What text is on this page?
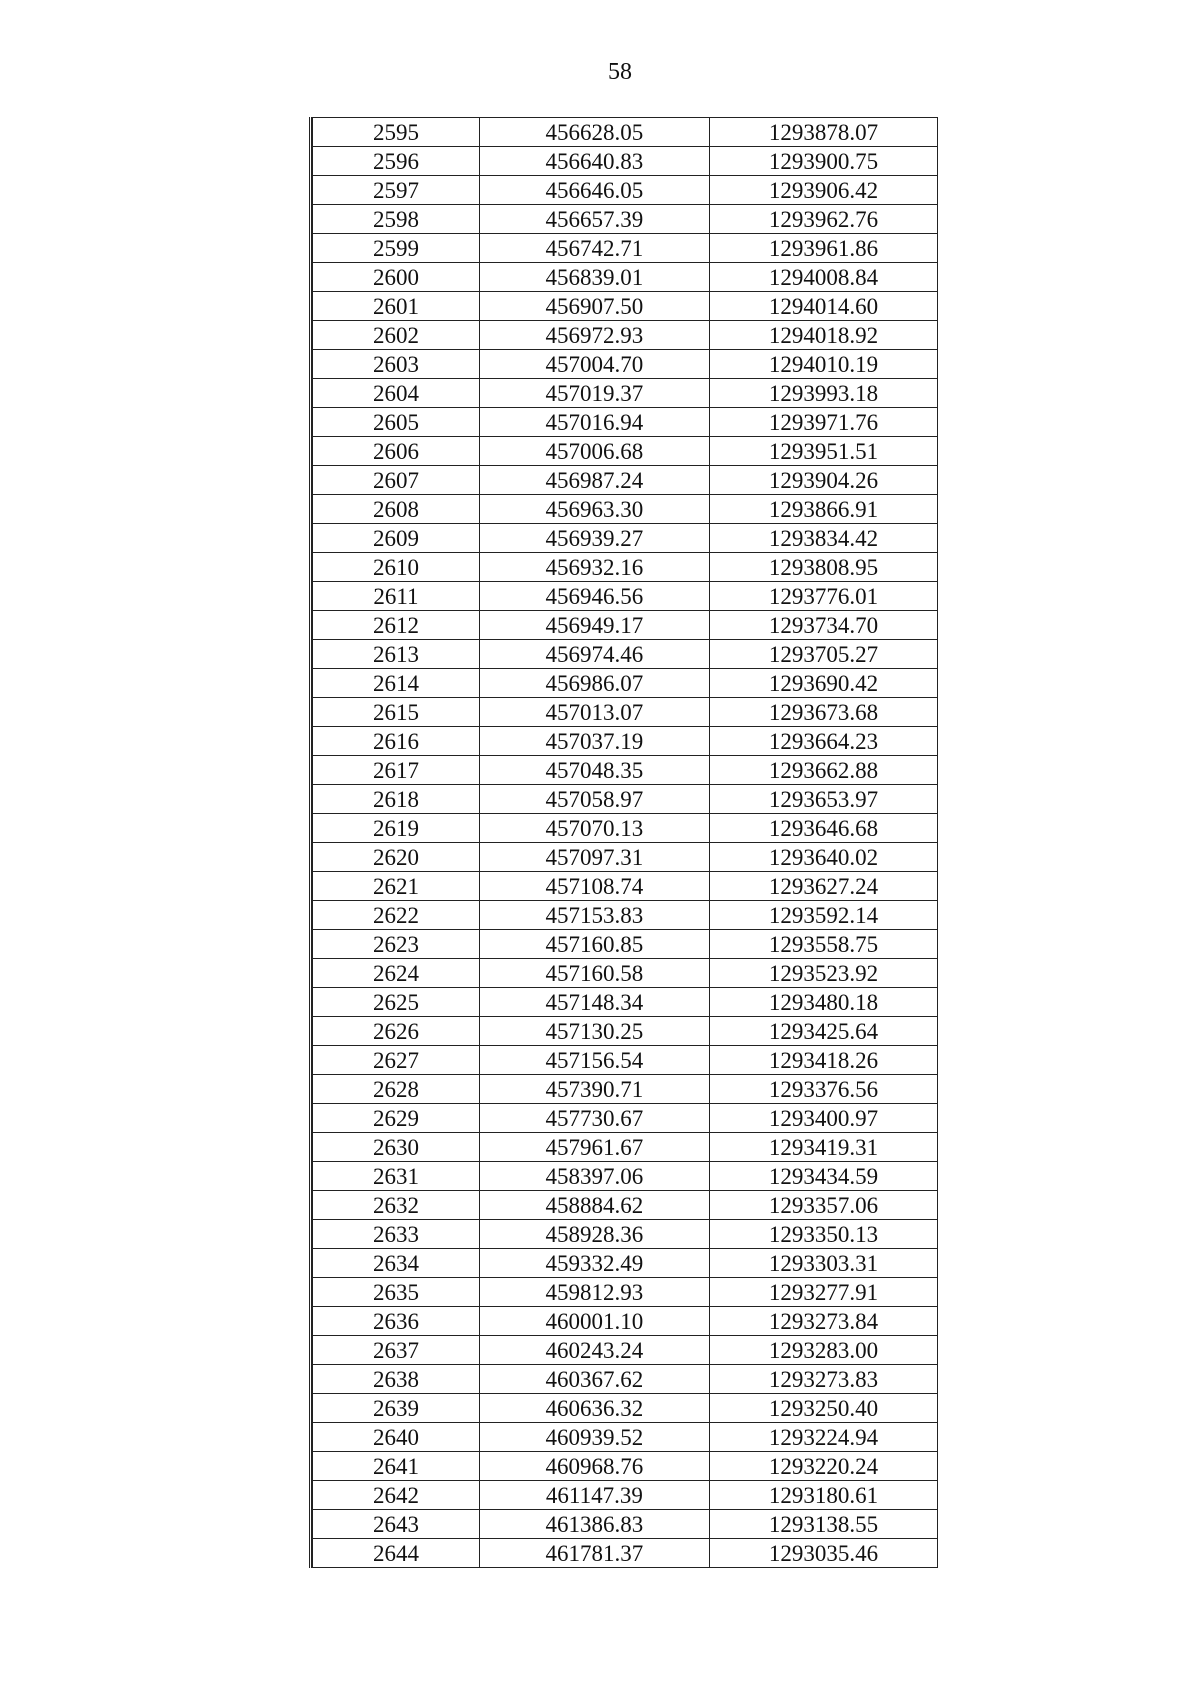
58
2595	456628.05	1293878.07
2596	456640.83	1293900.75
2597	456646.05	1293906.42
2598	456657.39	1293962.76
2599	456742.71	1293961.86
2600	456839.01	1294008.84
2601	456907.50	1294014.60
2602	456972.93	1294018.92
2603	457004.70	1294010.19
2604	457019.37	1293993.18
2605	457016.94	1293971.76
2606	457006.68	1293951.51
2607	456987.24	1293904.26
2608	456963.30	1293866.91
2609	456939.27	1293834.42
2610	456932.16	1293808.95
2611	456946.56	1293776.01
2612	456949.17	1293734.70
2613	456974.46	1293705.27
2614	456986.07	1293690.42
2615	457013.07	1293673.68
2616	457037.19	1293664.23
2617	457048.35	1293662.88
2618	457058.97	1293653.97
2619	457070.13	1293646.68
2620	457097.31	1293640.02
2621	457108.74	1293627.24
2622	457153.83	1293592.14
2623	457160.85	1293558.75
2624	457160.58	1293523.92
2625	457148.34	1293480.18
2626	457130.25	1293425.64
2627	457156.54	1293418.26
2628	457390.71	1293376.56
2629	457730.67	1293400.97
2630	457961.67	1293419.31
2631	458397.06	1293434.59
2632	458884.62	1293357.06
2633	458928.36	1293350.13
2634	459332.49	1293303.31
2635	459812.93	1293277.91
2636	460001.10	1293273.84
2637	460243.24	1293283.00
2638	460367.62	1293273.83
2639	460636.32	1293250.40
2640	460939.52	1293224.94
2641	460968.76	1293220.24
2642	461147.39	1293180.61
2643	461386.83	1293138.55
2644	461781.37	1293035.46
